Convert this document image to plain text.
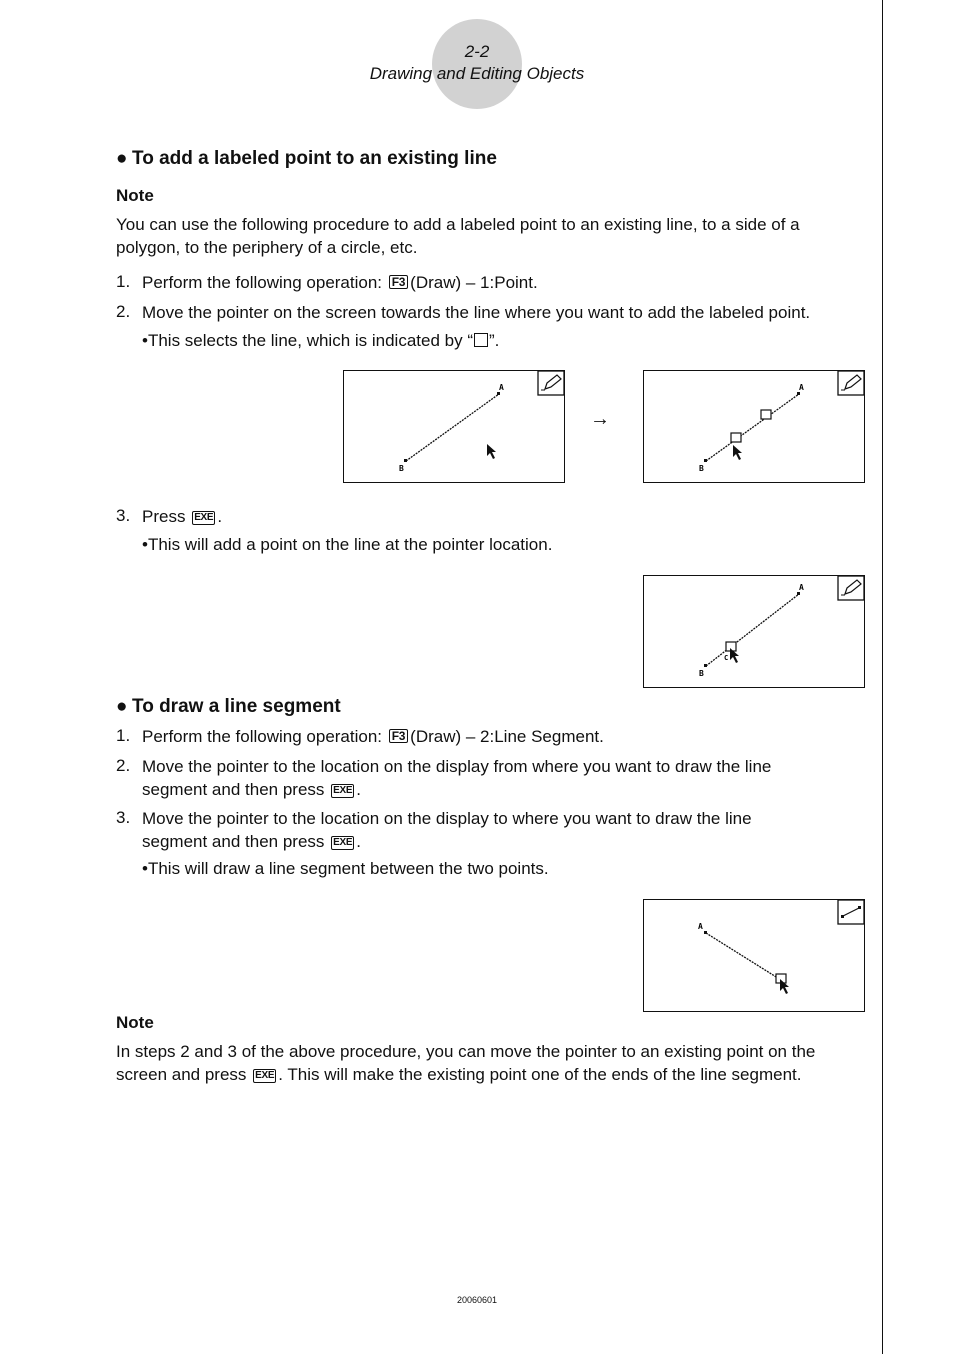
2-2
Drawing and Editing Objects
● To add a labeled point to an existing line
Note
You can use the following procedure to add a labeled point to an existing line, to a side of a polygon, to the periphery of a circle, etc.
1. Perform the following operation: F3 (Draw) – 1:Point.
2. Move the pointer on the screen towards the line where you want to add the labeled point.
•This selects the line, which is indicated by “ ”.
A
B
→
A
B
3. Press EXE .
•This will add a point on the line at the pointer location.
A
B
C
● To draw a line segment
1. Perform the following operation: F3 (Draw) – 2:Line Segment.
2. Move the pointer to the location on the display from where you want to draw the line
segment and then press EXE .
3. Move the pointer to the location on the display to where you want to draw the line
segment and then press EXE .
•This will draw a line segment between the two points.
A
Note
In steps 2 and 3 of the above procedure, you can move the pointer to an existing point on the
screen and press EXE . This will make the existing point one of the ends of the line segment.
20060601
